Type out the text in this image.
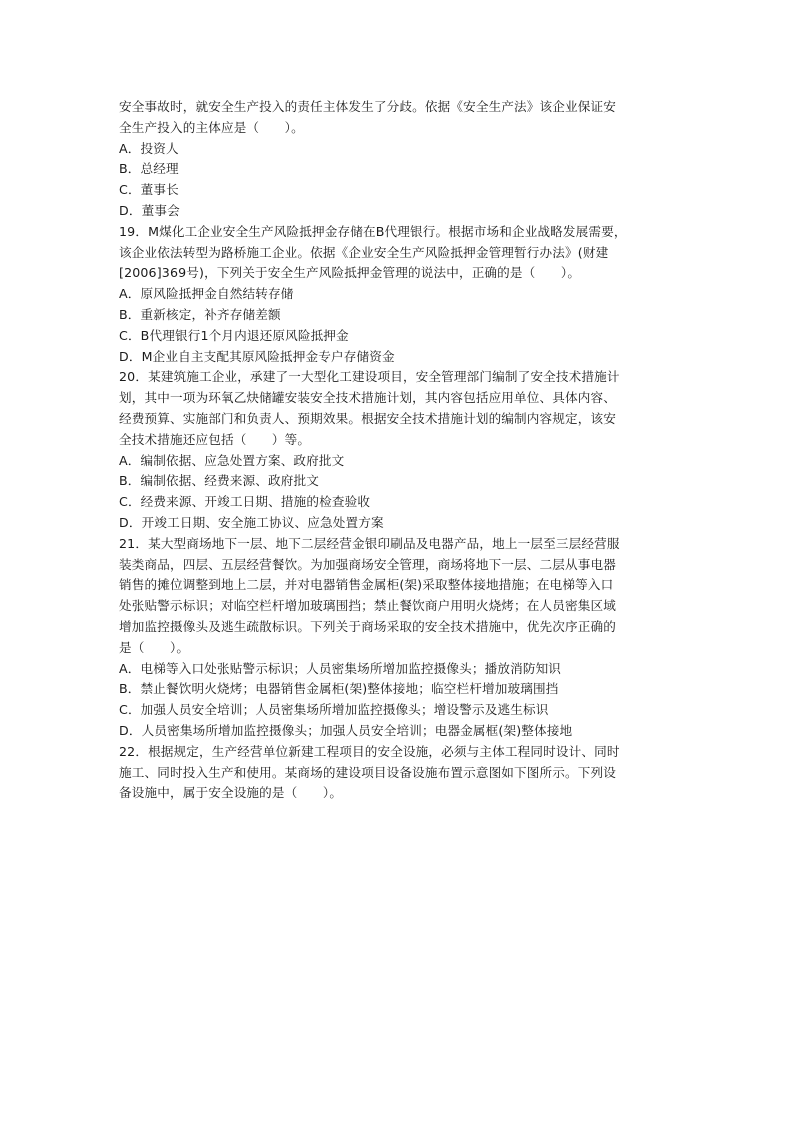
安全事故时，就安全生产投入的责任主体发生了分歧。依据《安全生产法》该企业保证安
全生产投入的主体应是（　　）。
A．投资人
B．总经理
C．董事长
D．董事会
19．M煤化工企业安全生产风险抵押金存储在B代理银行。根据市场和企业战略发展需要，
该企业依法转型为路桥施工企业。依据《企业安全生产风险抵押金管理暂行办法》(财建
[2006]369号)，下列关于安全生产风险抵押金管理的说法中，正确的是（　　）。
A．原风险抵押金自然结转存储
B．重新核定，补齐存储差额
C．B代理银行1个月内退还原风险抵押金
D．M企业自主支配其原风险抵押金专户存储资金
20．某建筑施工企业，承建了一大型化工建设项目，安全管理部门编制了安全技术措施计
划，其中一项为环氧乙炔储罐安装安全技术措施计划，其内容包括应用单位、具体内容、
经费预算、实施部门和负责人、预期效果。根据安全技术措施计划的编制内容规定，该安
全技术措施还应包括（　　）等。
A．编制依据、应急处置方案、政府批文
B．编制依据、经费来源、政府批文
C．经费来源、开竣工日期、措施的检查验收
D．开竣工日期、安全施工协议、应急处置方案
21．某大型商场地下一层、地下二层经营金银印刷品及电器产品，地上一层至三层经营服
装类商品，四层、五层经营餐饮。为加强商场安全管理，商场将地下一层、二层从事电器
销售的摊位调整到地上二层，并对电器销售金属柜(架)采取整体接地措施；在电梯等入口
处张贴警示标识；对临空栏杆增加玻璃围挡；禁止餐饮商户用明火烧烤；在人员密集区域
增加监控摄像头及逃生疏散标识。下列关于商场采取的安全技术措施中，优先次序正确的
是（　　）。
A．电梯等入口处张贴警示标识；人员密集场所增加监控摄像头；播放消防知识
B．禁止餐饮明火烧烤；电器销售金属柜(架)整体接地；临空栏杆增加玻璃围挡
C．加强人员安全培训；人员密集场所增加监控摄像头；增设警示及逃生标识
D．人员密集场所增加监控摄像头；加强人员安全培训；电器金属框(架)整体接地
22．根据规定，生产经营单位新建工程项目的安全设施，必须与主体工程同时设计、同时
施工、同时投入生产和使用。某商场的建设项目设备设施布置示意图如下图所示。下列设
备设施中，属于安全设施的是（　　）。
